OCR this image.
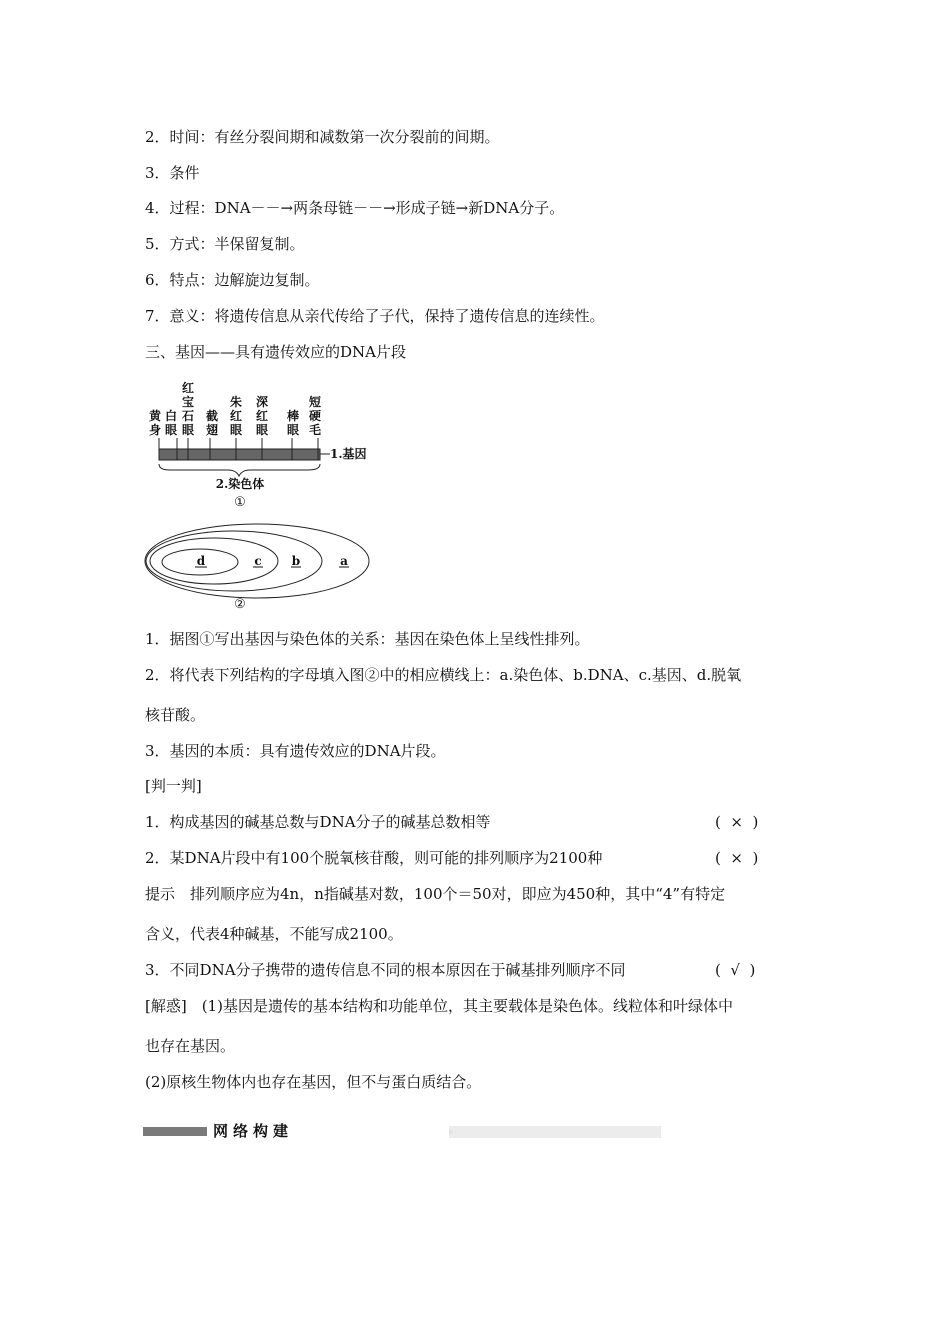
2．时间：有丝分裂间期和减数第一次分裂前的间期。
3．条件
4．过程：DNA－－→两条母链－－→形成子链→新DNA分子。
5．方式：半保留复制。
6．特点：边解旋边复制。
7．意义：将遗传信息从亲代传给了子代，保持了遗传信息的连续性。
三、基因——具有遗传效应的DNA片段
黄身
白眼
红宝石眼
截翅
朱红眼
深红眼
棒眼
短硬毛
1.基因
2.染色体
①
d	c	b	a
②
1．据图①写出基因与染色体的关系：基因在染色体上呈线性排列。
2．将代表下列结构的字母填入图②中的相应横线上：a.染色体、b.DNA、c.基因、d.脱氧
核苷酸。
3．基因的本质：具有遗传效应的DNA片段。
[判一判]
1．构成基因的碱基总数与DNA分子的碱基总数相等	(  ×  )
2．某DNA片段中有100个脱氧核苷酸，则可能的排列顺序为2100种	(  ×  )
提示　排列顺序应为4n，n指碱基对数，100个＝50对，即应为450种，其中“4”有特定
含义，代表4种碱基，不能写成2100。
3．不同DNA分子携带的遗传信息不同的根本原因在于碱基排列顺序不同	(  √  )
[解惑]　(1)基因是遗传的基本结构和功能单位，其主要载体是染色体。线粒体和叶绿体中
也存在基因。
(2)原核生物体内也存在基因，但不与蛋白质结合。
网络构建
